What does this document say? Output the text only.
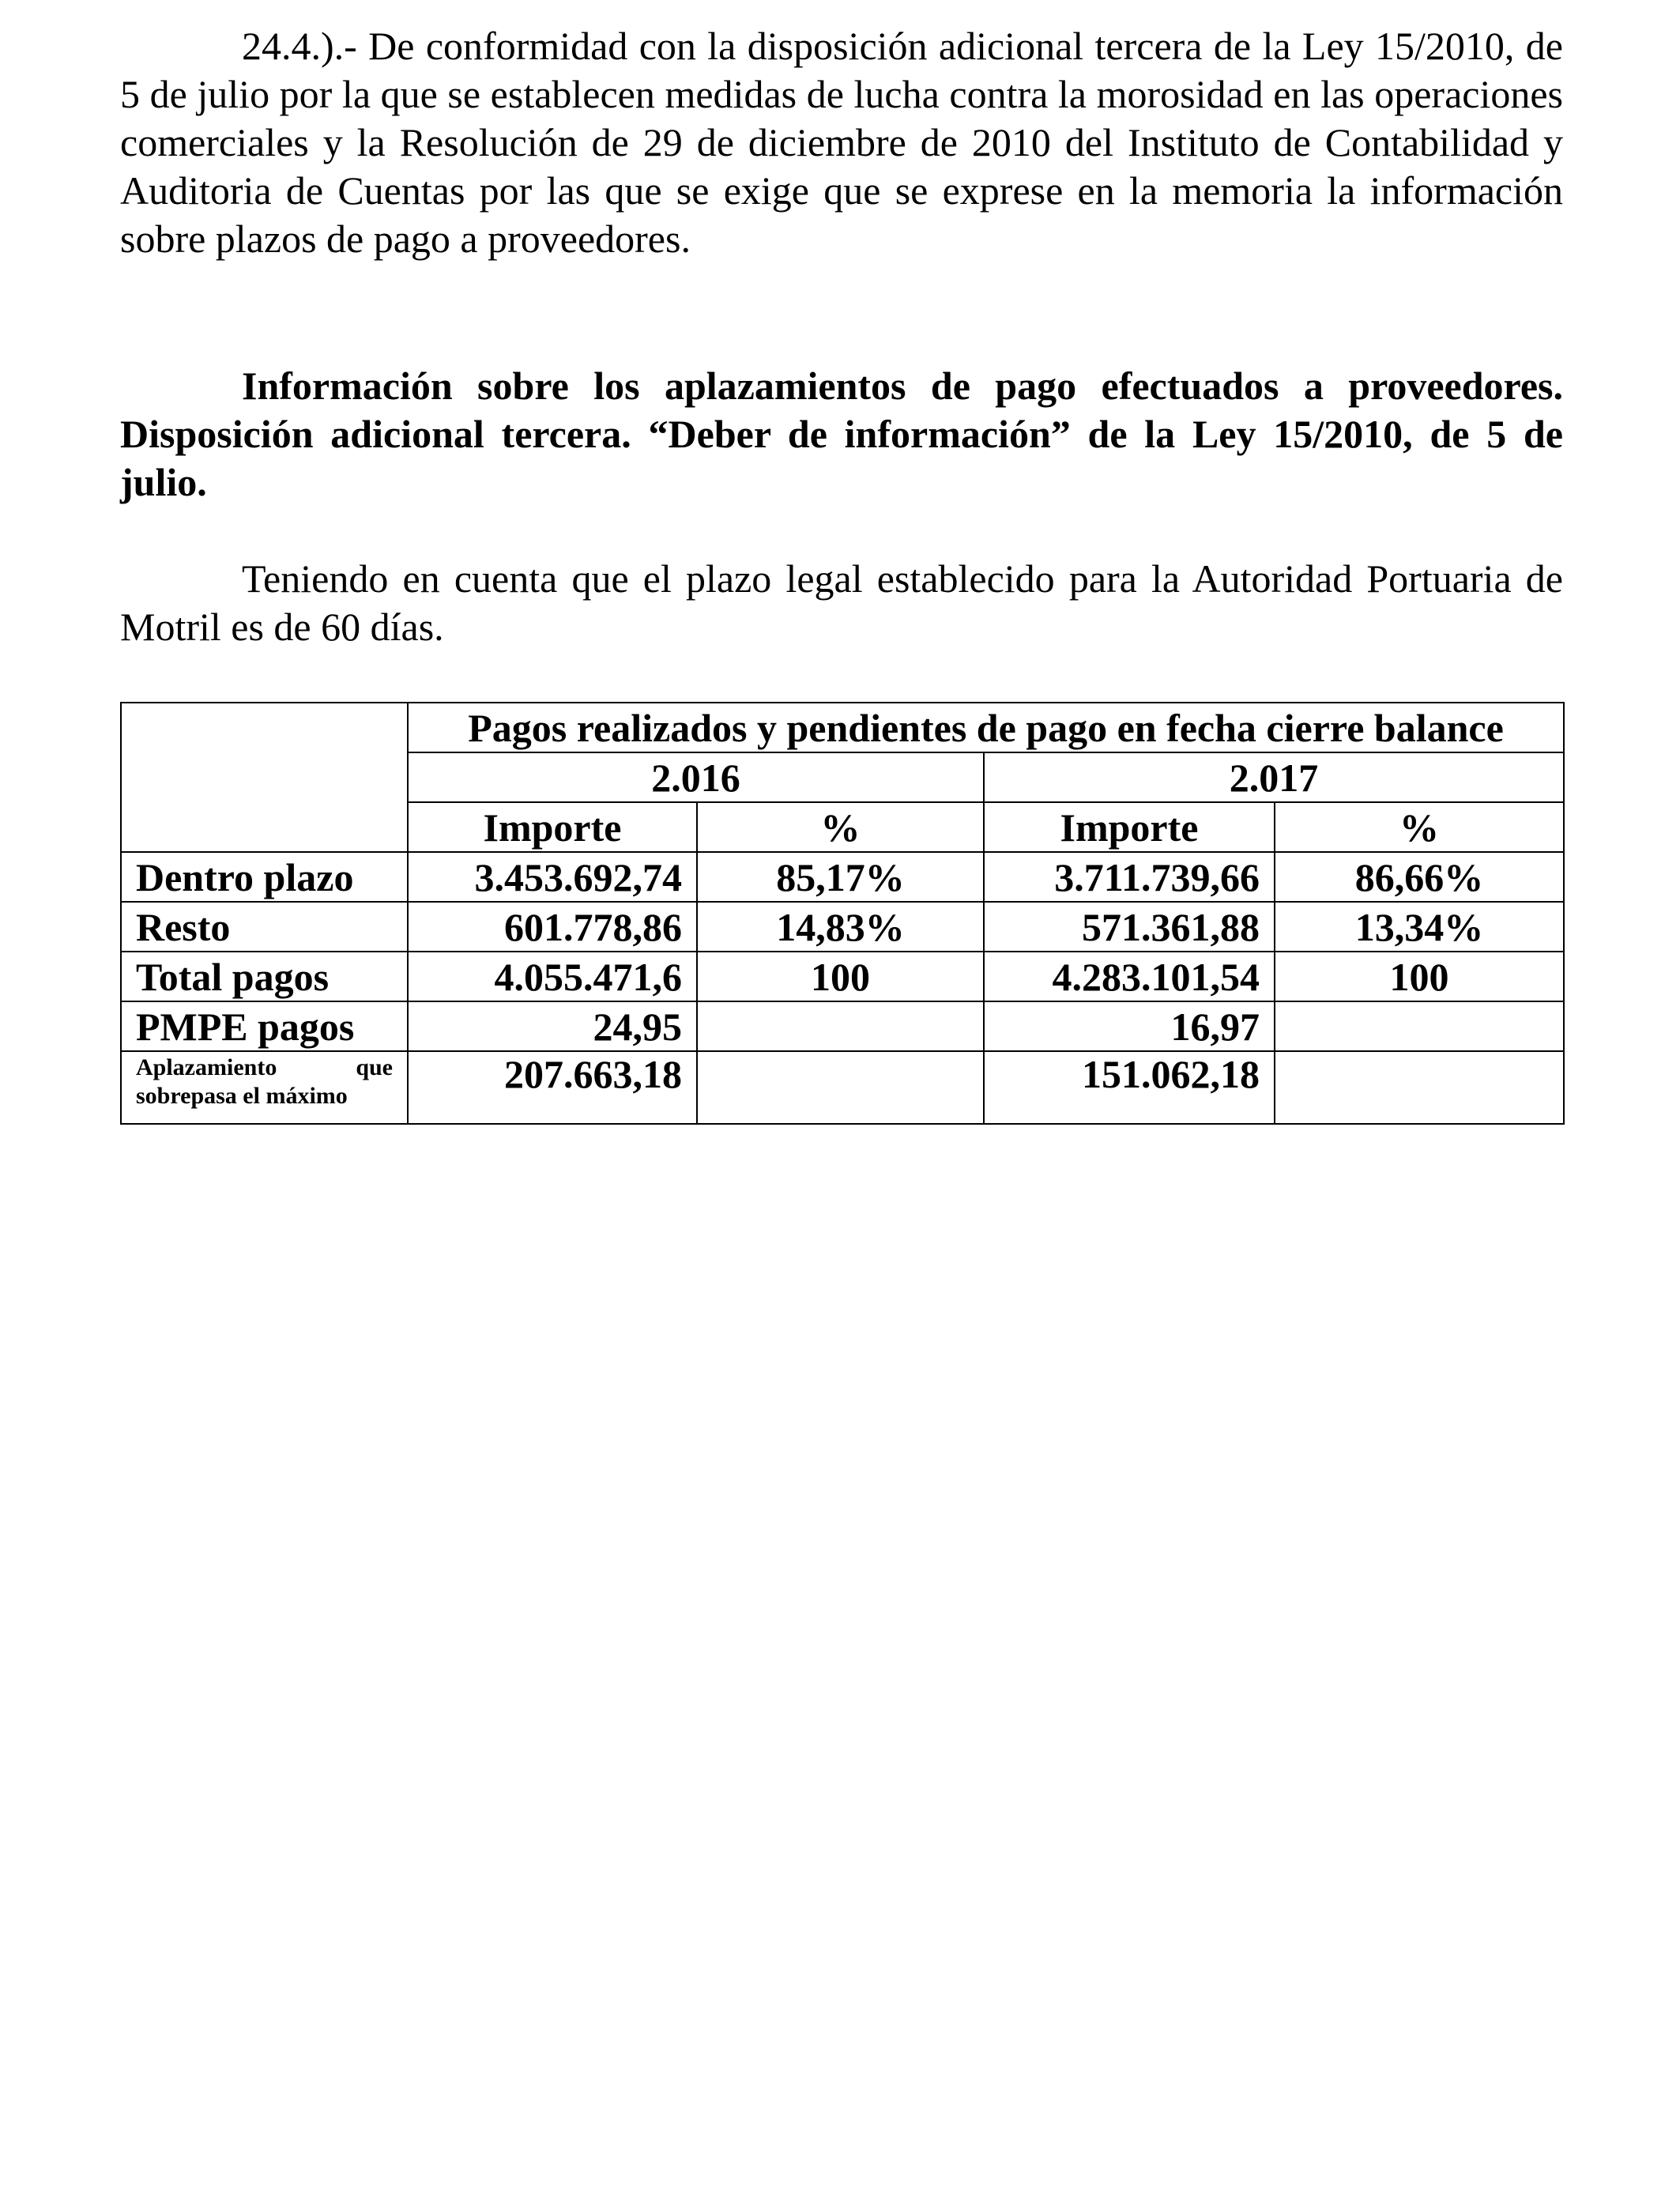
24.4.).- De conformidad con la disposición adicional tercera de la Ley 15/2010, de 5 de julio por la que se establecen medidas de lucha contra la morosidad en las operaciones comerciales y la Resolución de 29 de diciembre de 2010 del Instituto de Contabilidad y Auditoria de Cuentas por las que se exige que se exprese en la memoria la información sobre plazos de pago a proveedores.

Información sobre los aplazamientos de pago efectuados a proveedores. Disposición adicional tercera. “Deber de información” de la Ley 15/2010, de 5 de julio.

Teniendo en cuenta que el plazo legal establecido para la Autoridad Portuaria de Motril es de 60 días.

	Pagos realizados y pendientes de pago en fecha cierre balance			
	2.016		2.017	
	Importe	%	Importe	%
Dentro plazo	3.453.692,74	85,17%	3.711.739,66	86,66%
Resto	601.778,86	14,83%	571.361,88	13,34%
Total pagos	4.055.471,6	100	4.283.101,54	100
PMPE pagos	24,95		16,97	

Aplazamiento que
sobrepasa el máximo	207.663,18		151.062,18	
